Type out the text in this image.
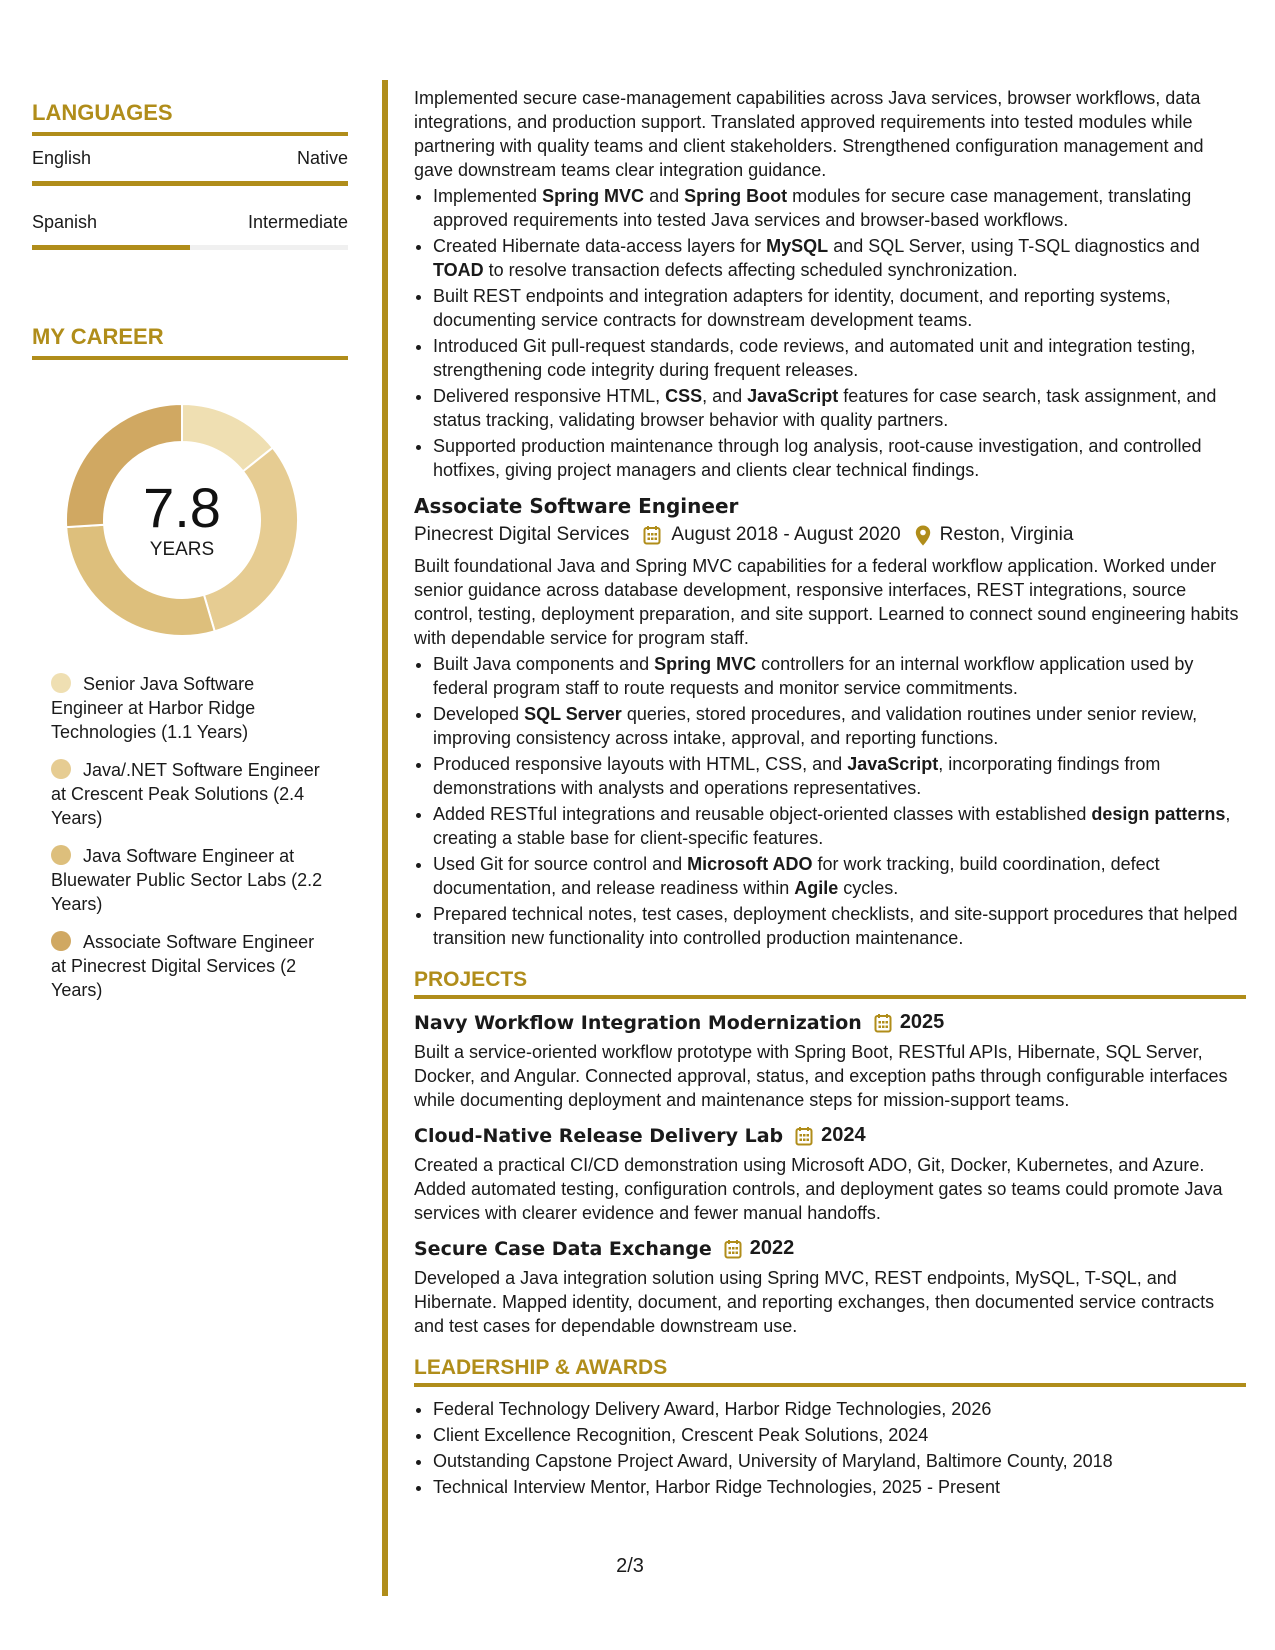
LANGUAGES
English	Native
Spanish	Intermediate
MY CAREER
7.8
YEARS
Senior Java Software Engineer at Harbor Ridge Technologies (1.1 Years)
Java/.NET Software Engineer at Crescent Peak Solutions (2.4 Years)
Java Software Engineer at Bluewater Public Sector Labs (2.2 Years)
Associate Software Engineer at Pinecrest Digital Services (2 Years)

Implemented secure case-management capabilities across Java services, browser workflows, data integrations, and production support. Translated approved requirements into tested modules while partnering with quality teams and client stakeholders. Strengthened configuration management and gave downstream teams clear integration guidance.

• Implemented Spring MVC and Spring Boot modules for secure case management, translating approved requirements into tested Java services and browser-based workflows.
• Created Hibernate data-access layers for MySQL and SQL Server, using T-SQL diagnostics and TOAD to resolve transaction defects affecting scheduled synchronization.
• Built REST endpoints and integration adapters for identity, document, and reporting systems, documenting service contracts for downstream development teams.
• Introduced Git pull-request standards, code reviews, and automated unit and integration testing, strengthening code integrity during frequent releases.
• Delivered responsive HTML, CSS, and JavaScript features for case search, task assignment, and status tracking, validating browser behavior with quality partners.
• Supported production maintenance through log analysis, root-cause investigation, and controlled hotfixes, giving project managers and clients clear technical findings.
Associate Software Engineer
Pinecrest Digital Services August 2018 - August 2020 Reston, Virginia

Built foundational Java and Spring MVC capabilities for a federal workflow application. Worked under senior guidance across database development, responsive interfaces, REST integrations, source control, testing, deployment preparation, and site support. Learned to connect sound engineering habits with dependable service for program staff.

• Built Java components and Spring MVC controllers for an internal workflow application used by federal program staff to route requests and monitor service commitments.
• Developed SQL Server queries, stored procedures, and validation routines under senior review, improving consistency across intake, approval, and reporting functions.
• Produced responsive layouts with HTML, CSS, and JavaScript, incorporating findings from demonstrations with analysts and operations representatives.
• Added RESTful integrations and reusable object-oriented classes with established design patterns, creating a stable base for client-specific features.
• Used Git for source control and Microsoft ADO for work tracking, build coordination, defect documentation, and release readiness within Agile cycles.
• Prepared technical notes, test cases, deployment checklists, and site-support procedures that helped transition new functionality into controlled production maintenance.
PROJECTS
Navy Workflow Integration Modernization 2025

Built a service-oriented workflow prototype with Spring Boot, RESTful APIs, Hibernate, SQL Server, Docker, and Angular. Connected approval, status, and exception paths through configurable interfaces while documenting deployment and maintenance steps for mission-support teams.

Cloud-Native Release Delivery Lab 2024

Created a practical CI/CD demonstration using Microsoft ADO, Git, Docker, Kubernetes, and Azure. Added automated testing, configuration controls, and deployment gates so teams could promote Java services with clearer evidence and fewer manual handoffs.

Secure Case Data Exchange 2022

Developed a Java integration solution using Spring MVC, REST endpoints, MySQL, T-SQL, and Hibernate. Mapped identity, document, and reporting exchanges, then documented service contracts and test cases for dependable downstream use.

LEADERSHIP & AWARDS
• Federal Technology Delivery Award, Harbor Ridge Technologies, 2026
• Client Excellence Recognition, Crescent Peak Solutions, 2024
• Outstanding Capstone Project Award, University of Maryland, Baltimore County, 2018
• Technical Interview Mentor, Harbor Ridge Technologies, 2025 - Present
2/3
